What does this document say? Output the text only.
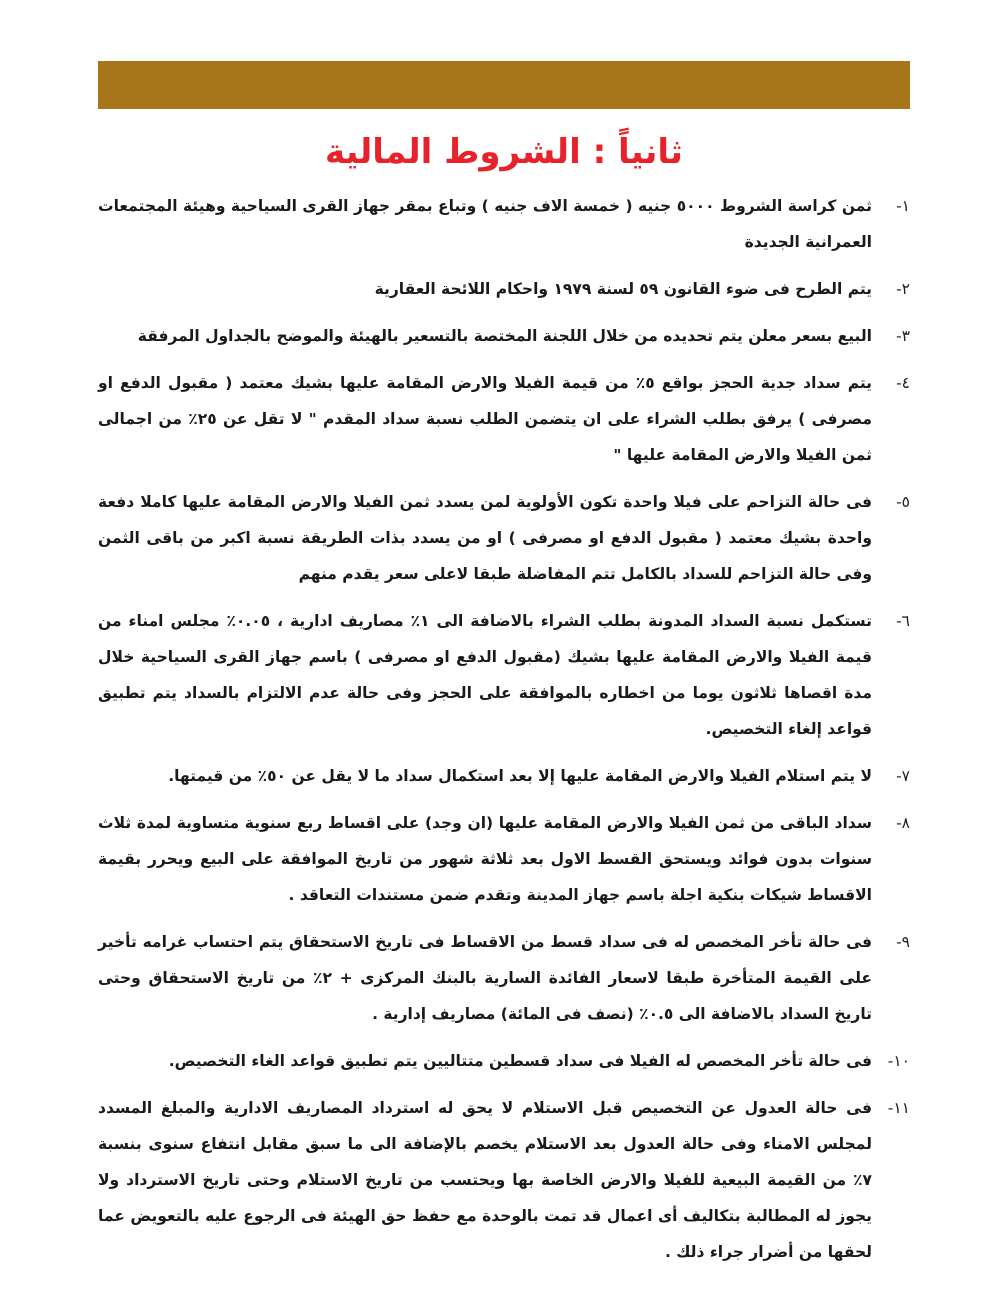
ثانياً : الشروط المالية
١-
ثمن كراسة الشروط ٥٠٠٠ جنيه ( خمسة الاف جنيه ) وتباع بمقر جهاز القرى السياحية وهيئة المجتمعات العمرانية الجديدة
٢-
يتم الطرح فى ضوء القانون ٥٩ لسنة ١٩٧٩ واحكام اللائحة العقارية
٣-
البيع بسعر معلن يتم تحديده من خلال اللجنة المختصة بالتسعير بالهيئة والموضح بالجداول المرفقة
٤-
يتم سداد جدية الحجز بواقع ٥٪ من قيمة الفيلا والارض المقامة عليها بشيك معتمد ( مقبول الدفع او مصرفى ) يرفق بطلب الشراء على ان يتضمن الطلب نسبة سداد المقدم " لا تقل عن ٢٥٪ من اجمالى ثمن الفيلا والارض المقامة عليها "
٥-
فى حالة التزاحم على فيلا واحدة تكون الأولوية لمن يسدد ثمن الفيلا والارض المقامة عليها كاملا دفعة واحدة بشيك معتمد ( مقبول الدفع او مصرفى ) او من يسدد بذات الطريقة نسبة اكبر من باقى الثمن وفى حالة التزاحم للسداد بالكامل تتم المفاضلة طبقا لاعلى سعر يقدم منهم
٦-
تستكمل نسبة السداد المدونة بطلب الشراء بالاضافة الى ١٪ مصاريف ادارية ، ٠.٠٥٪ مجلس امناء من قيمة الفيلا والارض المقامة عليها بشيك (مقبول الدفع او مصرفى ) باسم جهاز القرى السياحية خلال مدة اقصاها ثلاثون يوما من اخطاره بالموافقة على الحجز وفى حالة عدم الالتزام بالسداد يتم تطبيق قواعد إلغاء التخصيص.
٧-
لا يتم استلام الفيلا والارض المقامة عليها إلا بعد استكمال سداد ما لا يقل عن ٥٠٪ من قيمتها.
٨-
سداد الباقى من ثمن الفيلا والارض المقامة عليها (ان وجد) على اقساط ربع سنوية متساوية لمدة ثلاث سنوات بدون فوائد ويستحق القسط الاول بعد ثلاثة شهور من تاريخ الموافقة على البيع ويحرر بقيمة الاقساط شيكات بنكية اجلة باسم جهاز المدينة وتقدم ضمن مستندات التعاقد .
٩-
فى حالة تأخر المخصص له فى سداد قسط من الاقساط فى تاريخ الاستحقاق يتم احتساب غرامه تأخير على القيمة المتأخرة طبقا لاسعار الفائدة السارية بالبنك المركزى + ٢٪ من تاريخ الاستحقاق وحتى تاريخ السداد بالاضافة الى ٠.٥٪ (نصف فى المائة) مصاريف إدارية .
١٠-
فى حالة تأخر المخصص له الفيلا فى سداد قسطين متتاليين يتم تطبيق قواعد الغاء التخصيص.
١١-
فى حالة العدول عن التخصيص قبل الاستلام لا يحق له استرداد المصاريف الادارية والمبلغ المسدد لمجلس الامناء وفى حالة العدول بعد الاستلام يخصم بالإضافة الى ما سبق مقابل انتفاع سنوى بنسبة ٧٪ من القيمة البيعية للفيلا والارض الخاصة بها ويحتسب من تاريخ الاستلام وحتى تاريخ الاسترداد ولا يجوز له المطالبة بتكاليف أى اعمال قد تمت بالوحدة مع حفظ حق الهيئة فى الرجوع عليه بالتعويض عما لحقها من أضرار جراء ذلك .
